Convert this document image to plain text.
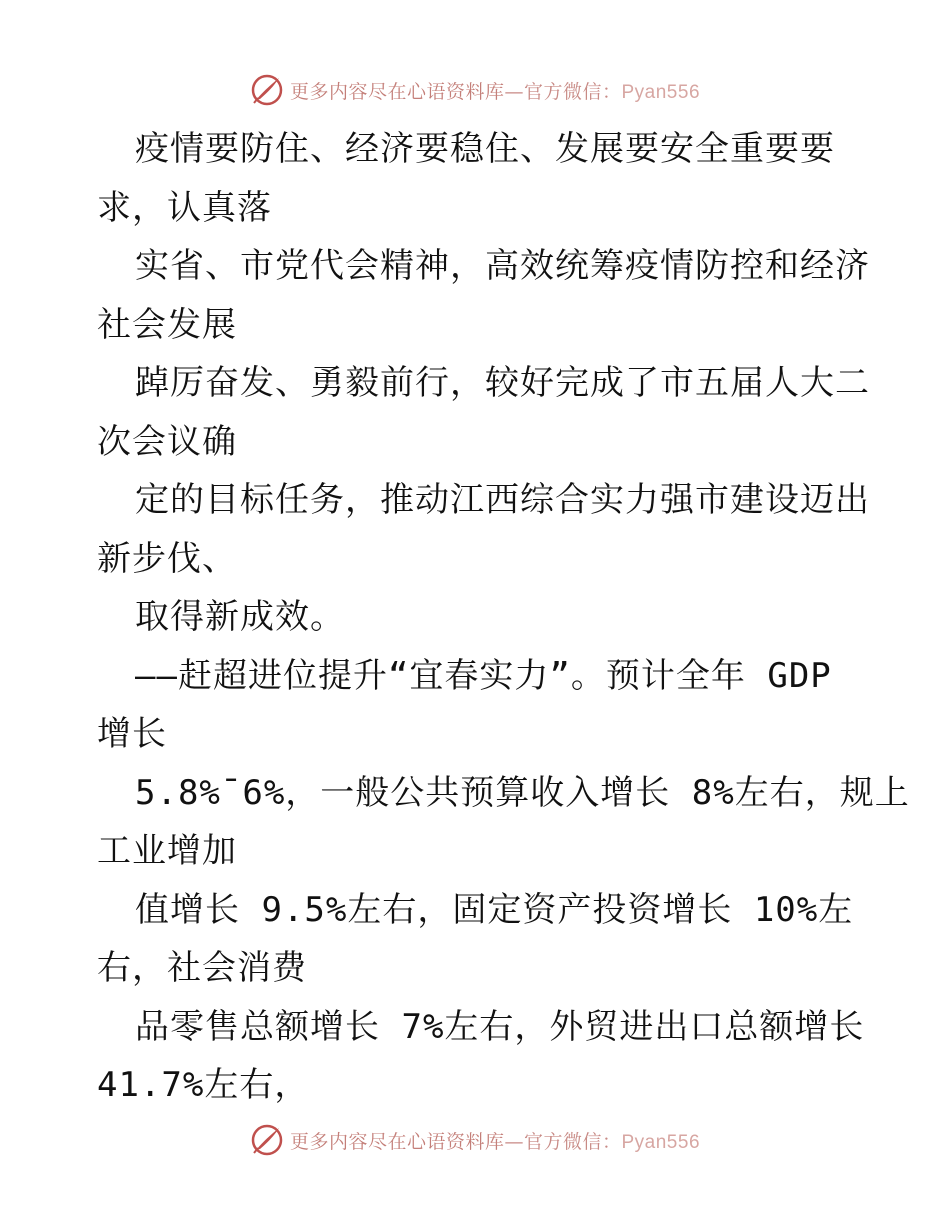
更多内容尽在心语资料库—官方微信：Pyan556
疫情要防住、经济要稳住、发展要安全重要要
求，认真落
实省、市党代会精神，高效统筹疫情防控和经济
社会发展
踔厉奋发、勇毅前行，较好完成了市五届人大二
次会议确
定的目标任务，推动江西综合实力强市建设迈出
新步伐、
取得新成效。
——赶超进位提升“宜春实力”。预计全年 GDP
增长
5.8%¯6%，一般公共预算收入增长 8%左右，规上
工业增加
值增长 9.5%左右，固定资产投资增长 10%左
右，社会消费
品零售总额增长 7%左右，外贸进出口总额增长
41.7%左右，
更多内容尽在心语资料库—官方微信：Pyan556
